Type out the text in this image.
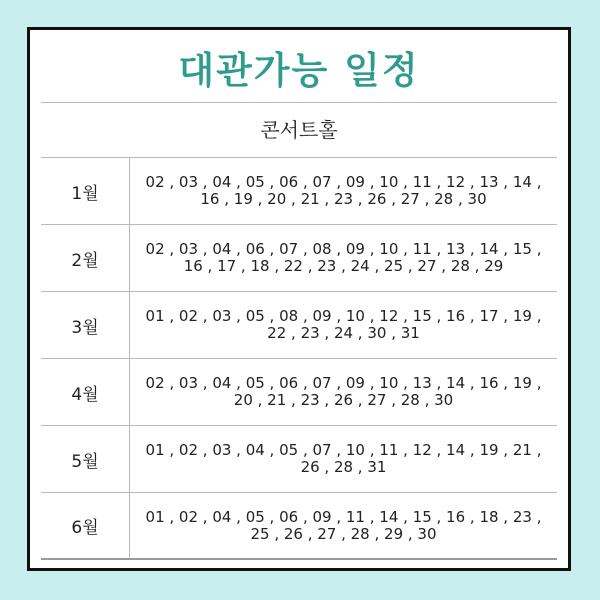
대관가능 일정
콘서트홀
1월
02 , 03 , 04 , 05 , 06 , 07 , 09 , 10 , 11 , 12 , 13 , 14 , 16 , 19 , 20 , 21 , 23 , 26 , 27 , 28 , 30
2월
02 , 03 , 04 , 06 , 07 , 08 , 09 , 10 , 11 , 13 , 14 , 15 , 16 , 17 , 18 , 22 , 23 , 24 , 25 , 27 , 28 , 29
3월
01 , 02 , 03 , 05 , 08 , 09 , 10 , 12 , 15 , 16 , 17 , 19 , 22 , 23 , 24 , 30 , 31
4월
02 , 03 , 04 , 05 , 06 , 07 , 09 , 10 , 13 , 14 , 16 , 19 , 20 , 21 , 23 , 26 , 27 , 28 , 30
5월
01 , 02 , 03 , 04 , 05 , 07 , 10 , 11 , 12 , 14 , 19 , 21 , 26 , 28 , 31
6월
01 , 02 , 04 , 05 , 06 , 09 , 11 , 14 , 15 , 16 , 18 , 23 , 25 , 26 , 27 , 28 , 29 , 30
